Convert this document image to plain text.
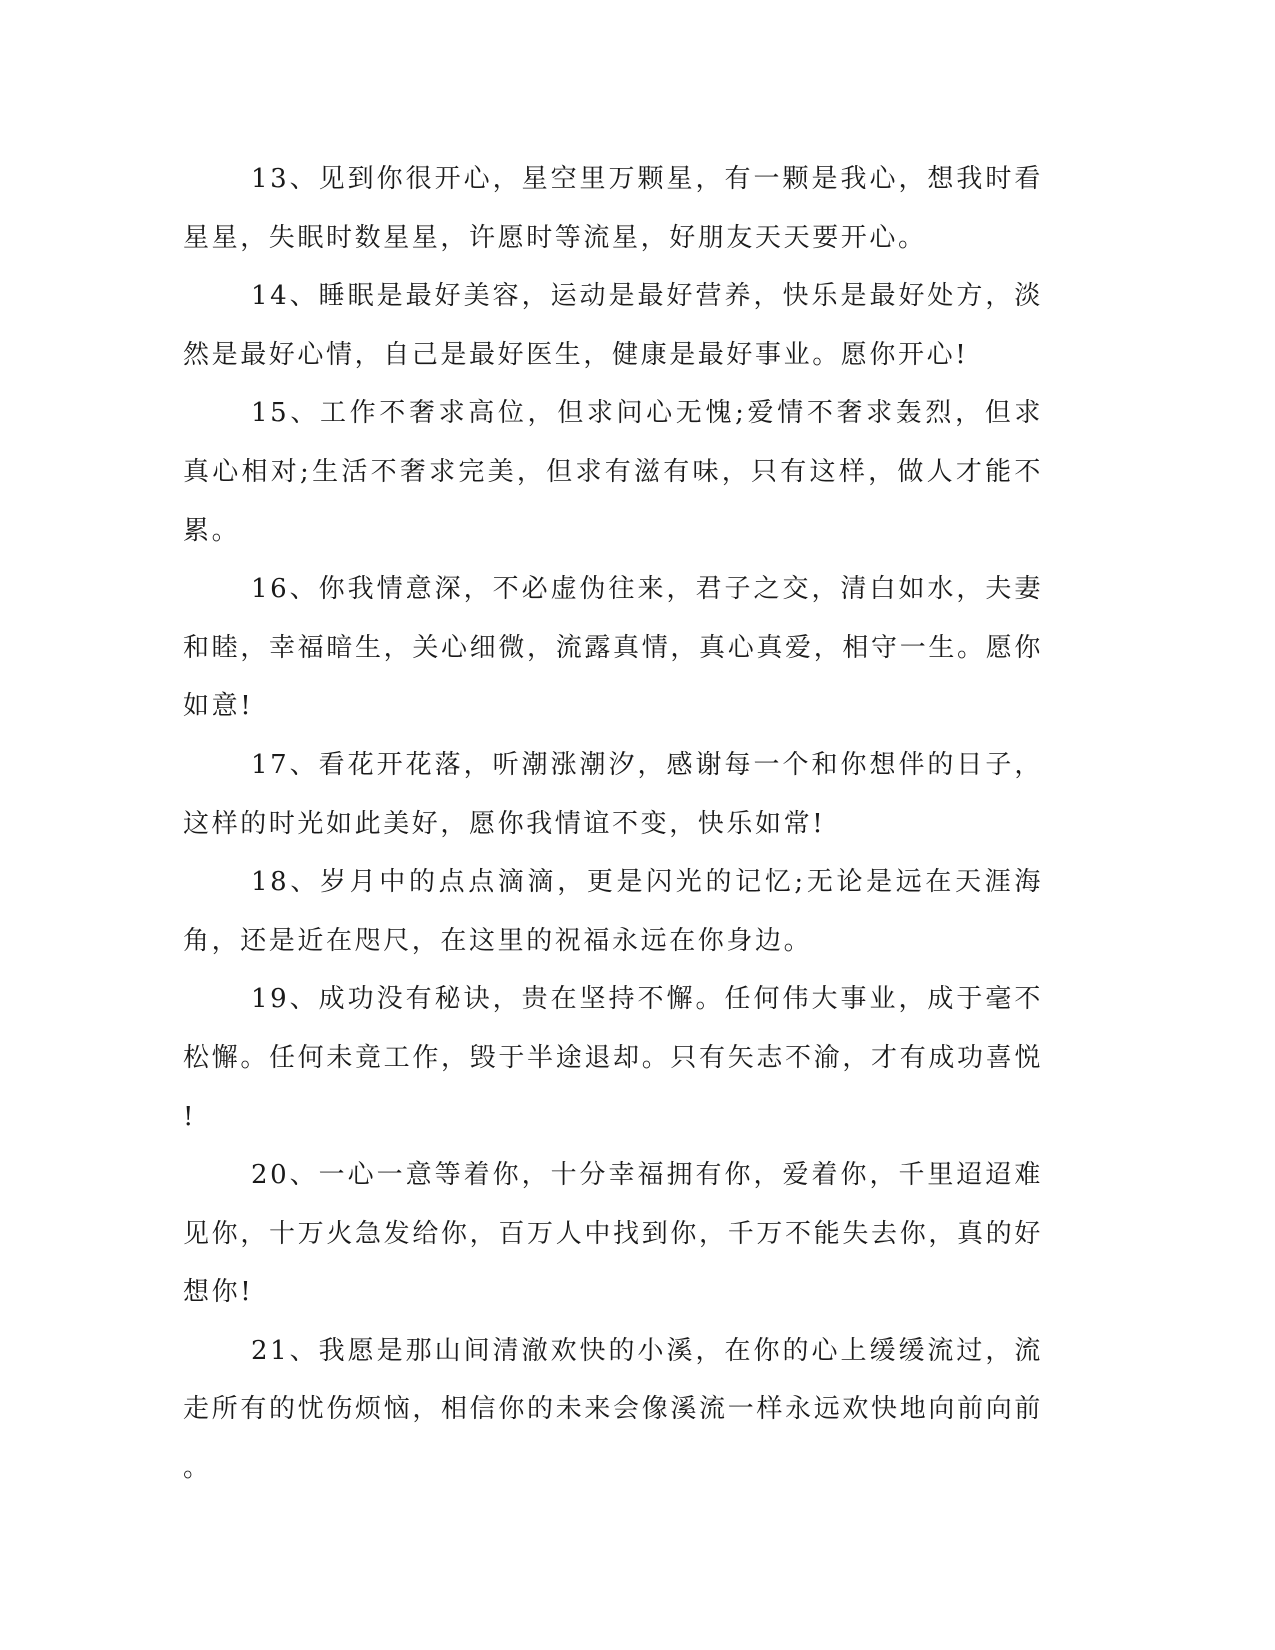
13、见到你很开心，星空里万颗星，有一颗是我心，想我时看星星，失眠时数星星，许愿时等流星，好朋友天天要开心。

14、睡眠是最好美容，运动是最好营养，快乐是最好处方，淡然是最好心情，自己是最好医生，健康是最好事业。愿你开心!

15、工作不奢求高位，但求问心无愧;爱情不奢求轰烈，但求真心相对;生活不奢求完美，但求有滋有味，只有这样，做人才能不累。

16、你我情意深，不必虚伪往来，君子之交，清白如水，夫妻和睦，幸福暗生，关心细微，流露真情，真心真爱，相守一生。愿你如意!

17、看花开花落，听潮涨潮汐，感谢每一个和你想伴的日子，这样的时光如此美好，愿你我情谊不变，快乐如常!

18、岁月中的点点滴滴，更是闪光的记忆;无论是远在天涯海角，还是近在咫尺，在这里的祝福永远在你身边。

19、成功没有秘诀，贵在坚持不懈。任何伟大事业，成于毫不松懈。任何未竟工作，毁于半途退却。只有矢志不渝，才有成功喜悦!

20、一心一意等着你，十分幸福拥有你，爱着你，千里迢迢难见你，十万火急发给你，百万人中找到你，千万不能失去你，真的好想你!

21、我愿是那山间清澈欢快的小溪，在你的心上缓缓流过，流走所有的忧伤烦恼，相信你的未来会像溪流一样永远欢快地向前向前。
